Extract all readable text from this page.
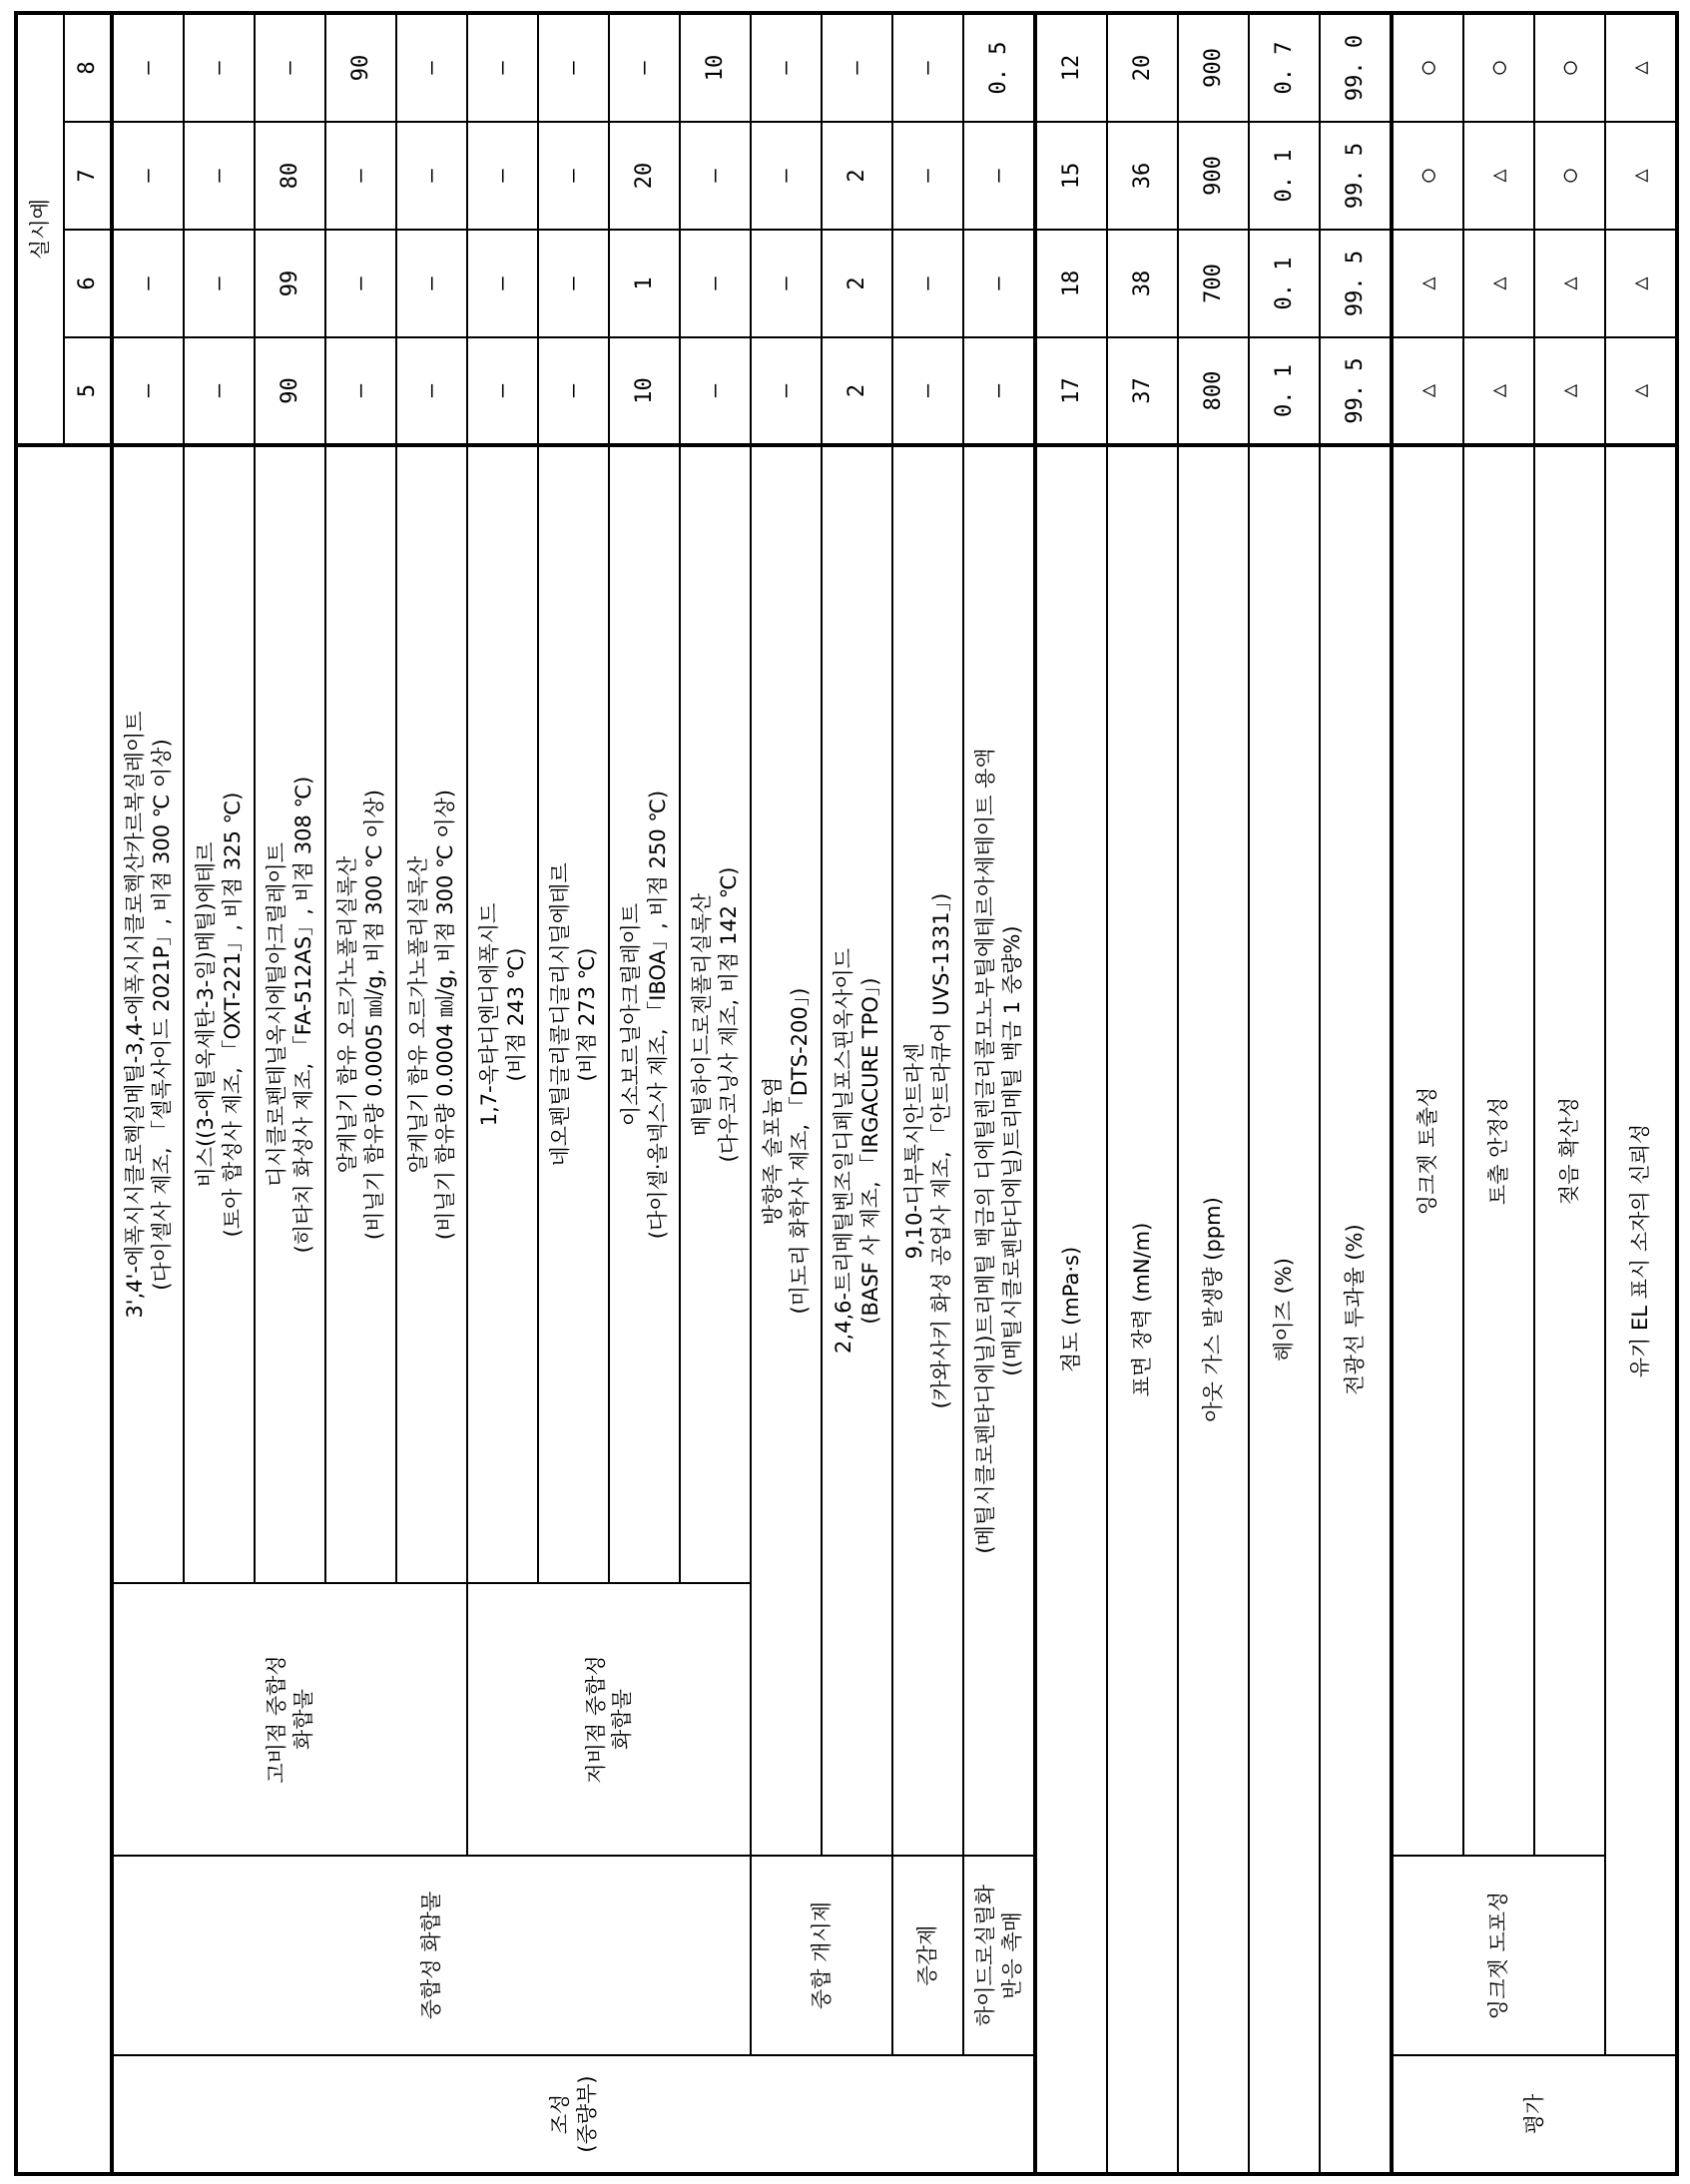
	실시예
5	6	7	8
조성
(중량부)	중합성 화합물	고비점 중합성
화합물	3',4'-에폭시시클로헥실메틸-3,4-에폭시시클로헥산카르복실레이트
(다이셀사 제조, 「셀록사이드 2021P」, 비점 300 ℃ 이상)	—	—	—	—
비스((3-에틸옥세탄-3-일)메틸)에테르
(토아 합성사 제조, 「OXT-221」, 비점 325 ℃)	—	—	—	—
디시클로펜테닐옥시에틸아크릴레이트
(히타치 화성사 제조, 「FA-512AS」, 비점 308 ℃)	90	99	80	—
알케닐기 함유 오르가노폴리실록산
(비닐기 함유량 0.0005 ㏖/g, 비점 300 ℃ 이상)	—	—	—	90
알케닐기 함유 오르가노폴리실록산
(비닐기 함유량 0.0004 ㏖/g, 비점 300 ℃ 이상)	—	—	—	—
저비점 중합성
화합물	1,7-옥타디엔디에폭시드
(비점 243 ℃)	—	—	—	—
네오펜틸글리콜디글리시딜에테르
(비점 273 ℃)	—	—	—	—
이소보르닐아크릴레이트
(다이셀·올넥스사 제조, 「IBOA」, 비점 250 ℃)	10	1	20	—
메틸하이드로젠폴리실록산
(다우코닝사 제조, 비점 142 ℃)	—	—	—	10
중합 개시제	방향족 술포늄염
(미도리 화학사 제조, 「DTS-200」)	—	—	—	—
2,4,6-트리메틸벤조일디페닐포스핀옥사이드
(BASF 사 제조, 「IRGACURE TPO」)	2	2	2	—
증감제	9,10-디부톡시안트라센
(카와사키 화성 공업사 제조, 「안트라큐어 UVS-1331」)	—	—	—	—
하이드로실릴화
반응 촉매	(메틸시클로펜타디에닐)트리메틸 백금의 디에틸렌글리콜모노부틸에테르아세테이트 용액
((메틸시클로펜타디에닐)트리메틸 백금 1 중량%)	—	—	—	0. 5
점도 (mPa·s)	17	18	15	12
표면 장력 (mN/m)	37	38	36	20
아웃 가스 발생량 (ppm)	800	700	900	900
헤이즈 (%)	0. 1	0. 1	0. 1	0. 7
전광선 투과율 (%)	99. 5	99. 5	99. 5	99. 0
평가	잉크젯 도포성	잉크젯 토출성	△	△	○	○
토출 안정성	△	△	△	○
젖음 확산성	△	△	○	○
유기 EL 표시 소자의 신뢰성	△	△	△	△
